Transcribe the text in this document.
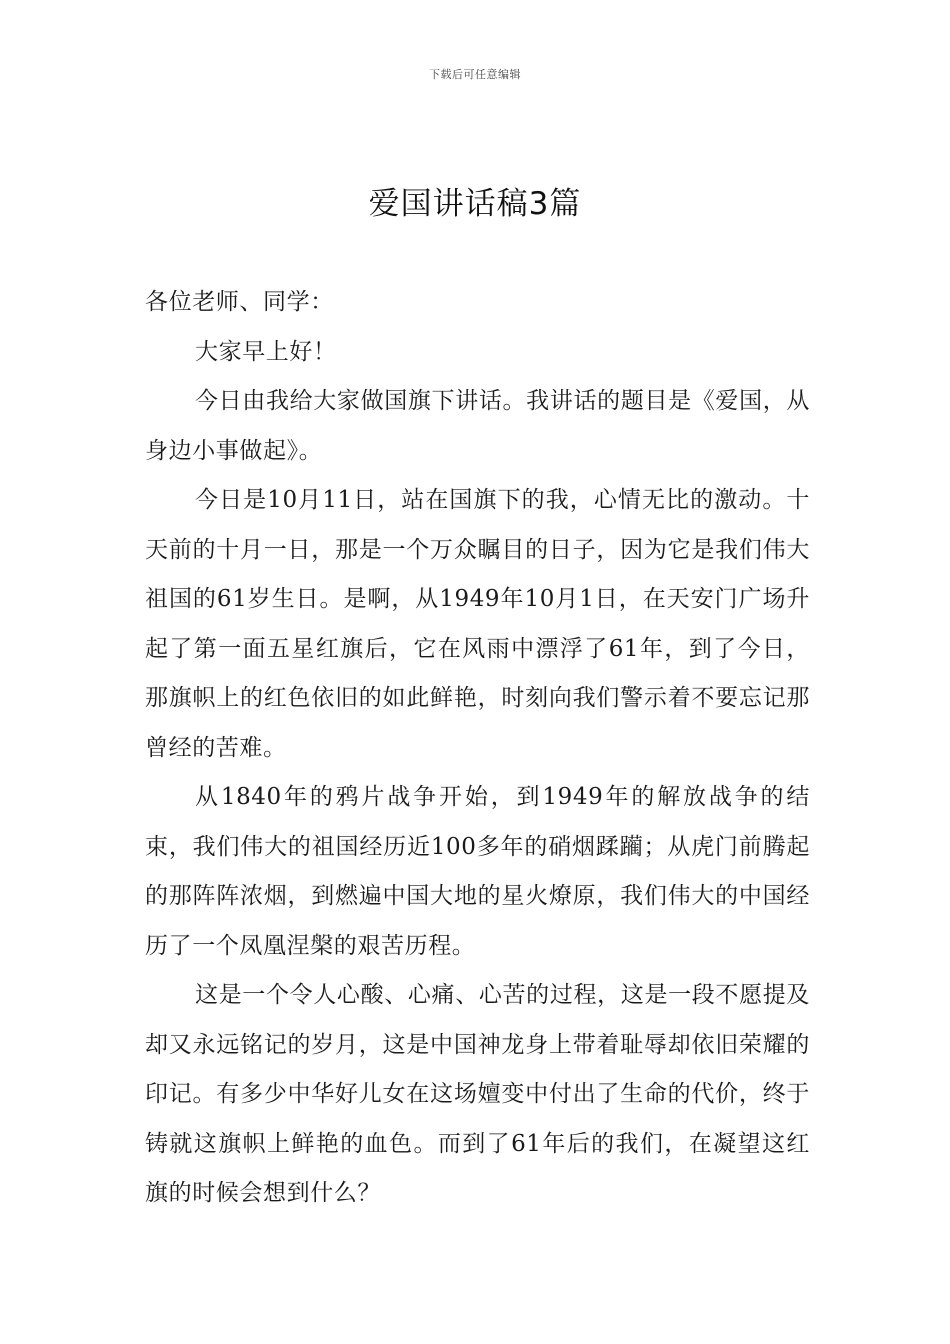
下载后可任意编辑
爱国讲话稿3篇

各位老师、同学：

大家早上好！

今日由我给大家做国旗下讲话。我讲话的题目是《爱国，从身边小事做起》。

今日是10月11日，站在国旗下的我，心情无比的激动。十天前的十月一日，那是一个万众瞩目的日子，因为它是我们伟大祖国的61岁生日。是啊，从1949年10月1日，在天安门广场升起了第一面五星红旗后，它在风雨中漂浮了61年，到了今日，那旗帜上的红色依旧的如此鲜艳，时刻向我们警示着不要忘记那曾经的苦难。

从1840年的鸦片战争开始，到1949年的解放战争的结束，我们伟大的祖国经历近100多年的硝烟蹂躏；从虎门前腾起的那阵阵浓烟，到燃遍中国大地的星火燎原，我们伟大的中国经历了一个凤凰涅槃的艰苦历程。

这是一个令人心酸、心痛、心苦的过程，这是一段不愿提及却又永远铭记的岁月，这是中国神龙身上带着耻辱却依旧荣耀的印记。有多少中华好儿女在这场嬗变中付出了生命的代价，终于铸就这旗帜上鲜艳的血色。而到了61年后的我们，在凝望这红旗的时候会想到什么？
